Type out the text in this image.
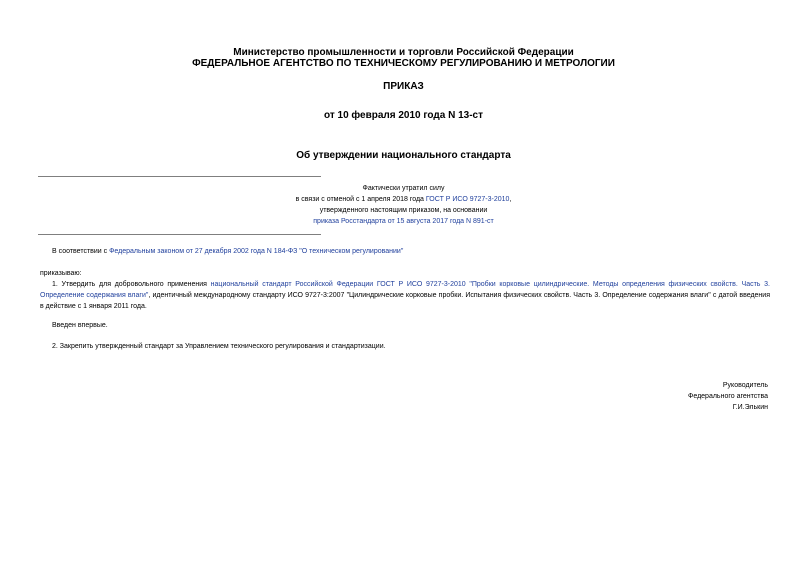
Министерство промышленности и торговли Российской Федерации
ФЕДЕРАЛЬНОЕ АГЕНТСТВО ПО ТЕХНИЧЕСКОМУ РЕГУЛИРОВАНИЮ И МЕТРОЛОГИИ
ПРИКАЗ
от 10 февраля 2010 года N 13-ст
Об утверждении национального стандарта
Фактически утратил силу
в связи с отменой с 1 апреля 2018 года ГОСТ Р ИСО 9727-3-2010,
утвержденного настоящим приказом, на основании
приказа Росстандарта от 15 августа 2017 года N 891-ст
В соответствии с Федеральным законом от 27 декабря 2002 года N 184-ФЗ "О техническом регулировании"
приказываю:
1. Утвердить для добровольного применения национальный стандарт Российской Федерации ГОСТ Р ИСО 9727-3-2010 "Пробки корковые цилиндрические. Методы определения физических свойств. Часть 3. Определение содержания влаги", идентичный международному стандарту ИСО 9727-3:2007 "Цилиндрические корковые пробки. Испытания физических свойств. Часть 3. Определение содержания влаги" с датой введения в действие с 1 января 2011 года.
Введен впервые.
2. Закрепить утвержденный стандарт за Управлением технического регулирования и стандартизации.
Руководитель
Федерального агентства
Г.И.Элькин
